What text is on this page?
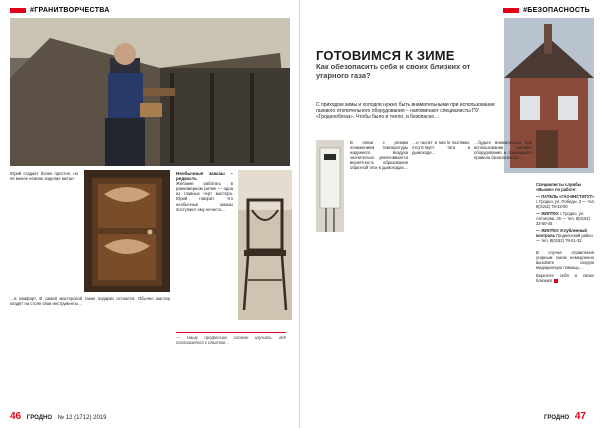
#ГРАНИТВОРЧЕСТВА

Юрий создаёт более простое, но не менее нежное изделие метал-

Необычные заказы – редкость

Желание работать в равномерном ритме — одна из главных черт мастера. Юрий говорит, что необычные заказы поступают ему нечасто…

…в комфорт. В самой мастерской такие подарки остаются. Обычно мастер кладёт на столе свои инструменты…

— Нашу профессию сложно изучить, всё постигается с опытом…

46 ГРОДНО № 12 (1712) 2019
#БЕЗОПАСНОСТЬ
ГОТОВИМСЯ К ЗИМЕ
Как обезопасить себя и своих близких от угарного газа?
С приходом зимы и холодов нужно быть внимательными при использовании газового отопительного оборудования – напоминают специалисты ПУ «Гроднооблгаз». Чтобы было и тепло, и безопасно…

В связи с резким понижением температуры наружного воздуха значительно увеличивается вероятность образования обратной тяги в дымоходах…

…и гаснет в месте вытяжки, отсутствует тяга в дымоходе…

…будьте внимательны при использовании газового оборудования и соблюдайте правила безопасности…

Специалисты службы «Вызов» по работе:

— ПАТЕЛЬ «ГАЗ-ИНСТИТУТ» г. Гродно, ул. Победы, 3 — тел. 8(0152) 79-33-80

— ЖИЛТЕХ г. Гродно, ул. Антонова, 45 — тел. 8(0152) 33-50-45

— ЖИЛТЕХ Углубленный контроль Гродненский район — тел. 8(0152) 79-01-32

В случае отравления угарным газом немедленно вызовите скорую медицинскую помощь…

Берегите себя и своих близких!

ГРОДНО 47
